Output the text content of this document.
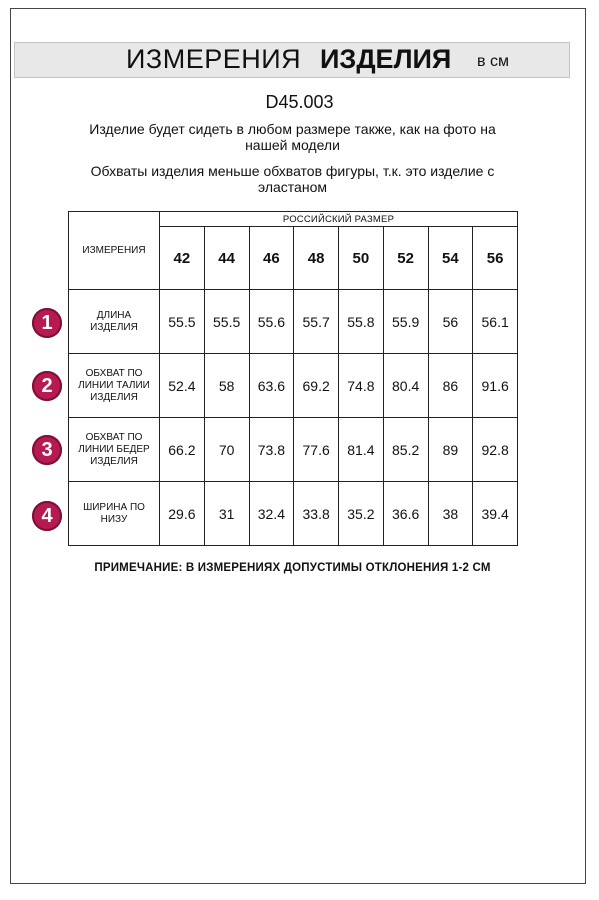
ИЗМЕРЕНИЯ ИЗДЕЛИЯ в см
D45.003
Изделие будет сидеть в любом размере также, как на фото на
нашей модели
Обхваты изделия меньше обхватов фигуры, т.к. это изделие с
эластаном
ИЗМЕРЕНИЯ	РОССИЙСКИЙ РАЗМЕР							
	42	44	46	48	50	52	54	56

ДЛИНА
ИЗДЕЛИЯ	55.5	55.5	55.6	55.7	55.8	55.9	56	56.1

ОБХВАТ ПО
ЛИНИИ ТАЛИИ
ИЗДЕЛИЯ	52.4	58	63.6	69.2	74.8	80.4	86	91.6

ОБХВАТ ПО
ЛИНИИ БЕДЕР
ИЗДЕЛИЯ	66.2	70	73.8	77.6	81.4	85.2	89	92.8

ШИРИНА ПО
НИЗУ	29.6	31	32.4	33.8	35.2	36.6	38	39.4
1
2
3
4
ПРИМЕЧАНИЕ: В ИЗМЕРЕНИЯХ ДОПУСТИМЫ ОТКЛОНЕНИЯ 1-2 СМ
